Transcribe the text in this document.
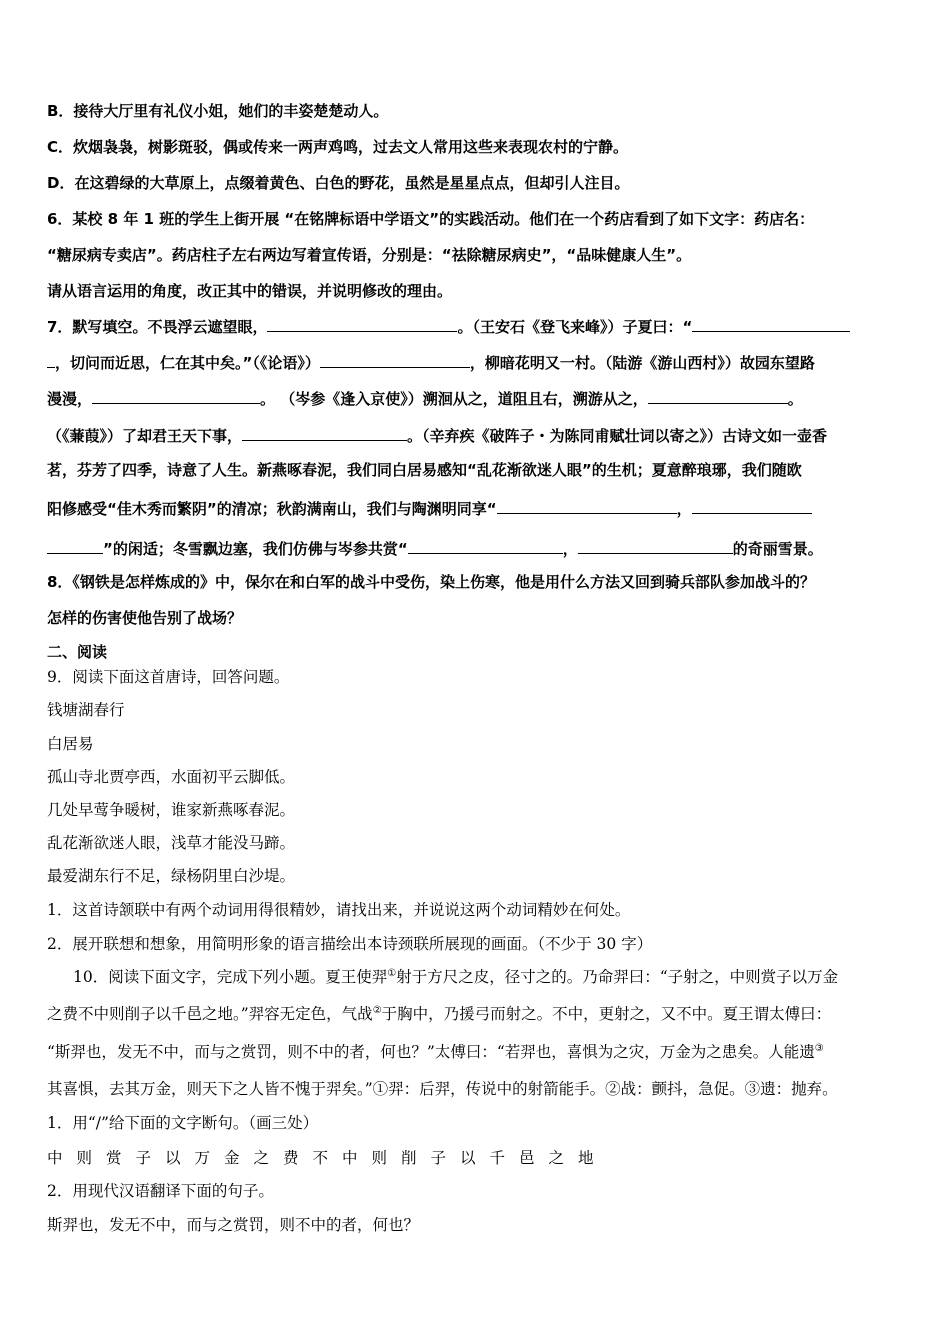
B．接待大厅里有礼仪小姐，她们的丰姿楚楚动人。
C．炊烟袅袅，树影斑驳，偶或传来一两声鸡鸣，过去文人常用这些来表现农村的宁静。
D．在这碧绿的大草原上，点缀着黄色、白色的野花，虽然是星星点点，但却引人注目。
6．某校 8 年 1 班的学生上街开展 “在铭牌标语中学语文”的实践活动。他们在一个药店看到了如下文字：药店名：
“糖尿病专卖店”。药店柱子左右两边写着宣传语，分别是：“祛除糖尿病史”，“品味健康人生”。
请从语言运用的角度，改正其中的错误，并说明修改的理由。
7．默写填空。不畏浮云遮望眼，	。（王安石《登飞来峰》）子夏曰：“
，切问而近思，仁在其中矣。”（《论语》）	，柳暗花明又一村。（陆游《游山西村》）故园东望路
漫漫，	。 （岑参《逢入京使》）溯洄从之，道阻且右，溯游从之，	。
（《蒹葭》）了却君王天下事，	。（辛弃疾《破阵子・为陈同甫赋壮词以寄之》）古诗文如一壶香
茗，芬芳了四季，诗意了人生。新燕啄春泥，我们同白居易感知“乱花渐欲迷人眼”的生机；夏意醉琅琊，我们随欧
阳修感受“佳木秀而繁阴”的清凉；秋韵满南山，我们与陶渊明同享“	，
”的闲适；冬雪飘边塞，我们仿佛与岑参共赏“	，	的奇丽雪景。
8．《钢铁是怎样炼成的》中，保尔在和白军的战斗中受伤，染上伤寒，他是用什么方法又回到骑兵部队参加战斗的？
怎样的伤害使他告别了战场？
二、阅读
9．阅读下面这首唐诗，回答问题。
钱塘湖春行
白居易
孤山寺北贾亭西，水面初平云脚低。
几处早莺争暖树，谁家新燕啄春泥。
乱花渐欲迷人眼，浅草才能没马蹄。
最爱湖东行不足，绿杨阴里白沙堤。
1．这首诗颔联中有两个动词用得很精妙，请找出来，并说说这两个动词精妙在何处。
2．展开联想和想象，用简明形象的语言描绘出本诗颈联所展现的画面。（不少于 30 字）
10．阅读下面文字，完成下列小题。夏王使羿①射于方尺之皮，径寸之的。乃命羿曰：“子射之，中则赏子以万金
之费不中则削子以千邑之地。”羿容无定色，气战②于胸中，乃援弓而射之。不中，更射之，又不中。夏王谓太傅曰：
“斯羿也，发无不中，而与之赏罚，则不中的者，何也？”太傅曰：“若羿也，喜惧为之灾，万金为之患矣。人能遗③
其喜惧，去其万金，则天下之人皆不愧于羿矣。”①羿：后羿，传说中的射箭能手。②战：颤抖，急促。③遗：抛弃。
1．用“/”给下面的文字断句。（画三处）
中则赏子以万金之费不中则削子以千邑之地
2．用现代汉语翻译下面的句子。
斯羿也，发无不中，而与之赏罚，则不中的者，何也？
